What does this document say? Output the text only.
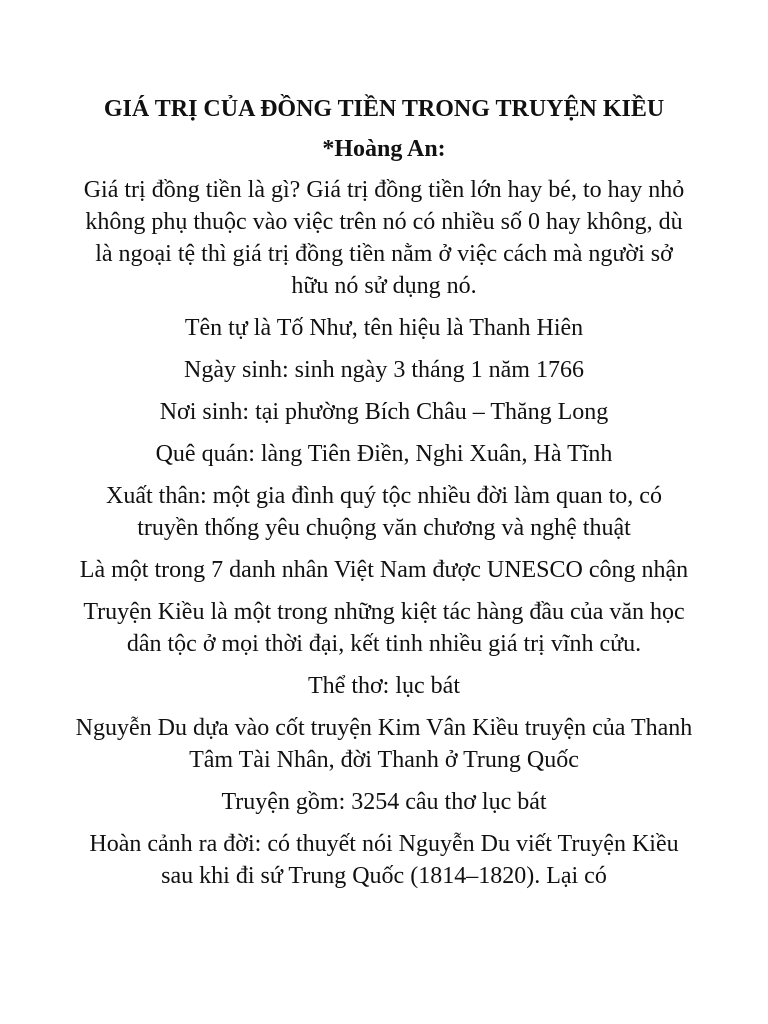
GIÁ TRỊ CỦA ĐỒNG TIỀN TRONG TRUYỆN KIỀU
*Hoàng An:
Giá trị đồng tiền là gì? Giá trị đồng tiền lớn hay bé, to hay nhỏ không phụ thuộc vào việc trên nó có nhiều số 0 hay không, dù là ngoại tệ thì giá trị đồng tiền nằm ở việc cách mà người sở hữu nó sử dụng nó.
Tên tự là Tố Như, tên hiệu là Thanh Hiên
Ngày sinh: sinh ngày 3 tháng 1 năm 1766
Nơi sinh: tại phường Bích Châu – Thăng Long
Quê quán: làng Tiên Điền, Nghi Xuân, Hà Tĩnh
Xuất thân: một gia đình quý tộc nhiều đời làm quan to, có truyền thống yêu chuộng văn chương và nghệ thuật
Là một trong 7 danh nhân Việt Nam được UNESCO công nhận
Truyện Kiều là một trong những kiệt tác hàng đầu của văn học dân tộc ở mọi thời đại, kết tinh nhiều giá trị vĩnh cửu.
Thể thơ: lục bát
Nguyễn Du dựa vào cốt truyện Kim Vân Kiều truyện của Thanh Tâm Tài Nhân, đời Thanh ở Trung Quốc
Truyện gồm: 3254 câu thơ lục bát
Hoàn cảnh ra đời: có thuyết nói Nguyễn Du viết Truyện Kiều sau khi đi sứ Trung Quốc (1814–1820). Lại có
